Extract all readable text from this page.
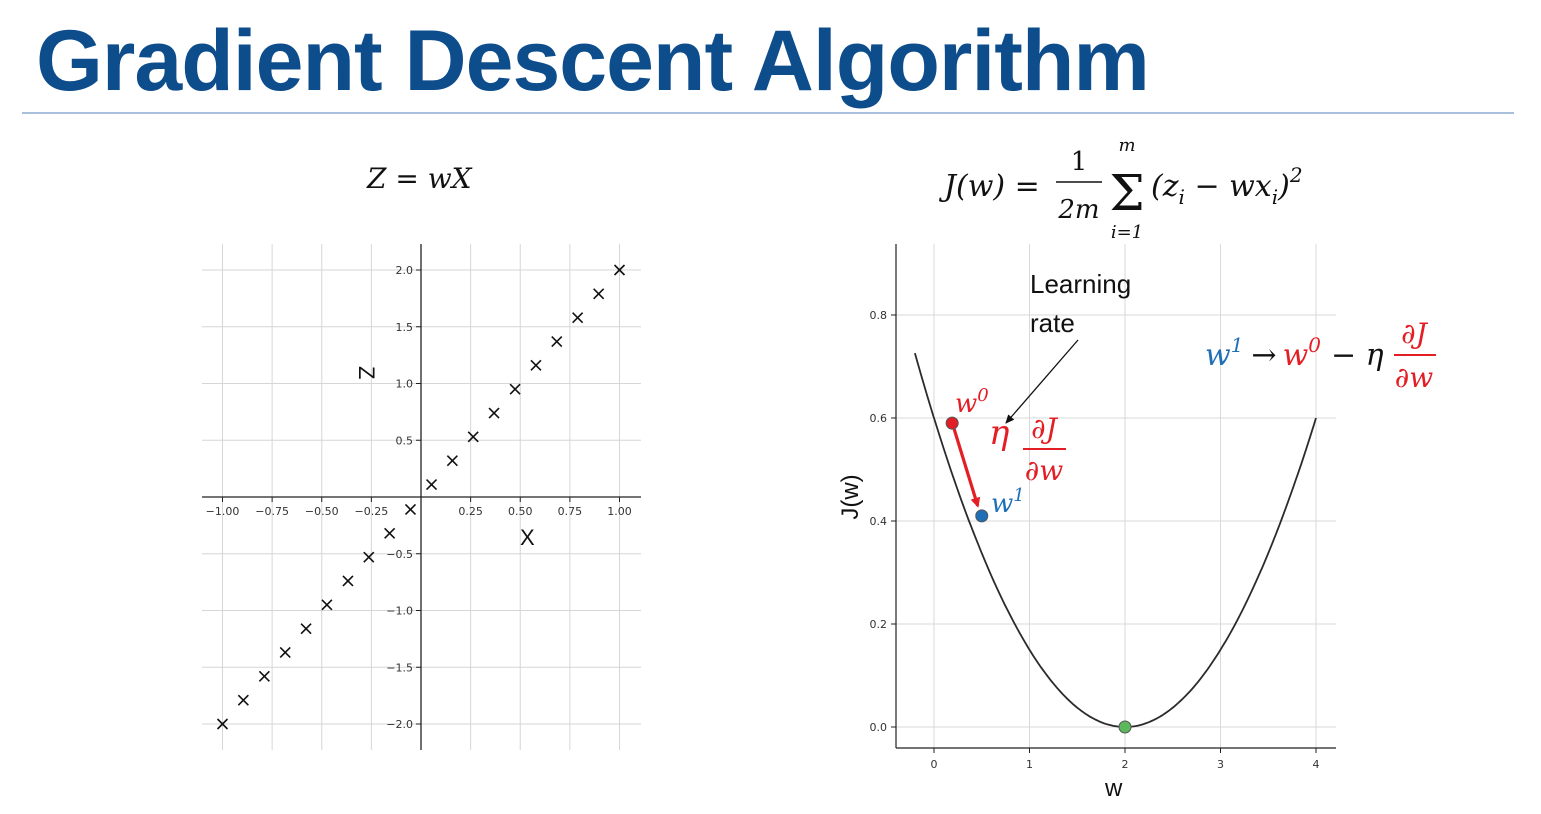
Gradient Descent Algorithm
Z = wX
−1.00 −0.75 −0.50 −0.25	0.25 0.50 0.75 1.00
2.0
1.5
1.0
0.5
−0.5
−1.0
−1.5
−2.0
X
Z
J(w) =
1
2m
m
Σ
i=1
$(z_i - wx_i)^2$
0	1	2	3	4
0.0
0.2
0.4
0.6
0.8
w
J(w)
Learning
rate
$w^0$
$w^1$
η ∂J
∂w
$w^1 \to w^0 - \eta$
∂J
∂w
